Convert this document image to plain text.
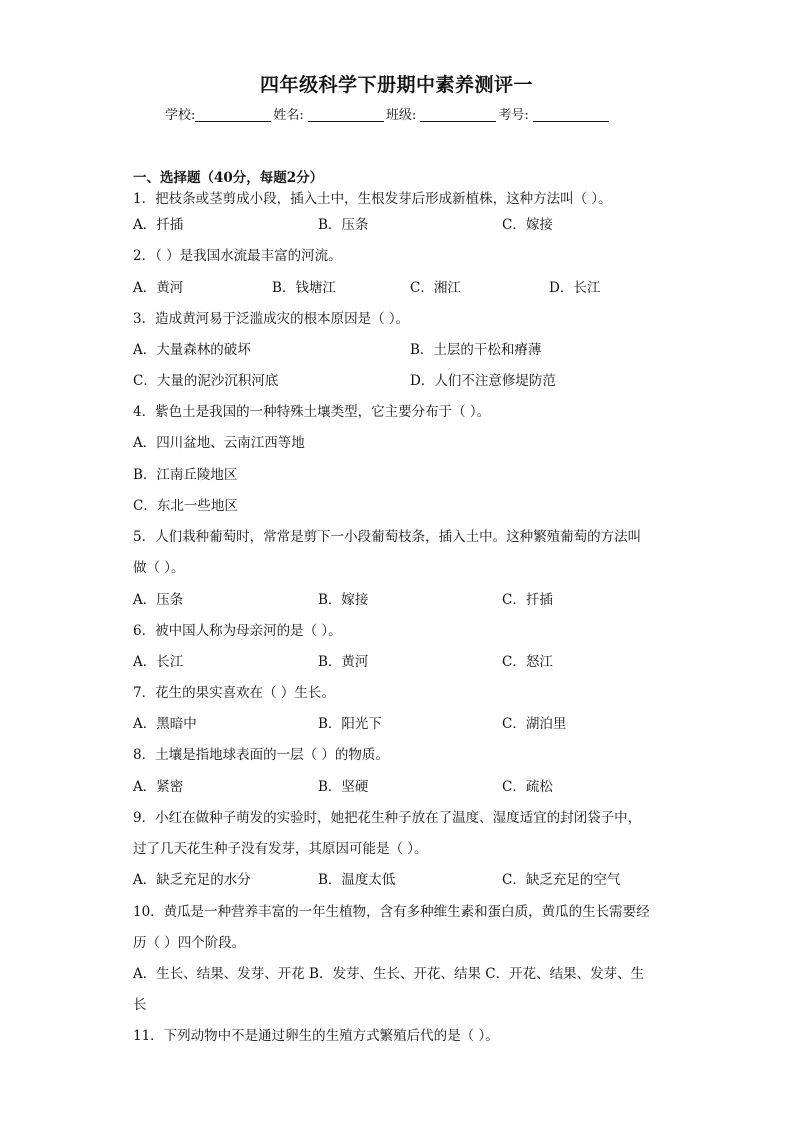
四年级科学下册期中素养测评一
学校:	姓名:	班级:	考号:
一、选择题（40分，每题2分）
1．把枝条或茎剪成小段，插入土中，生根发芽后形成新植株，这种方法叫（ ）。
A．扦插	B．压条	C．嫁接
2．（ ）是我国水流最丰富的河流。
A．黄河	B．钱塘江	C．湘江	D．长江
3．造成黄河易于泛滥成灾的根本原因是（ ）。
A．大量森林的破坏	B．土层的干松和瘠薄
C．大量的泥沙沉积河底	D．人们不注意修堤防范
4．紫色土是我国的一种特殊土壤类型，它主要分布于（ ）。
A．四川盆地、云南江西等地
B．江南丘陵地区
C．东北一些地区
5．人们栽种葡萄时，常常是剪下一小段葡萄枝条，插入土中。这种繁殖葡萄的方法叫
做（ ）。
A．压条	B．嫁接	C．扦插
6．被中国人称为母亲河的是（ ）。
A．长江	B．黄河	C．怒江
7．花生的果实喜欢在（ ）生长。
A．黑暗中	B．阳光下	C．湖泊里
8．土壤是指地球表面的一层（ ）的物质。
A．紧密	B．坚硬	C．疏松
9．小红在做种子萌发的实验时，她把花生种子放在了温度、湿度适宜的封闭袋子中，
过了几天花生种子没有发芽，其原因可能是（ ）。
A．缺乏充足的水分	B．温度太低	C．缺乏充足的空气
10．黄瓜是一种营养丰富的一年生植物，含有多种维生素和蛋白质，黄瓜的生长需要经
历（ ）四个阶段。
A．生长、结果、发芽、开花 B．发芽、生长、开花、结果 C．开花、结果、发芽、生
长
11．下列动物中不是通过卵生的生殖方式繁殖后代的是（ ）。
